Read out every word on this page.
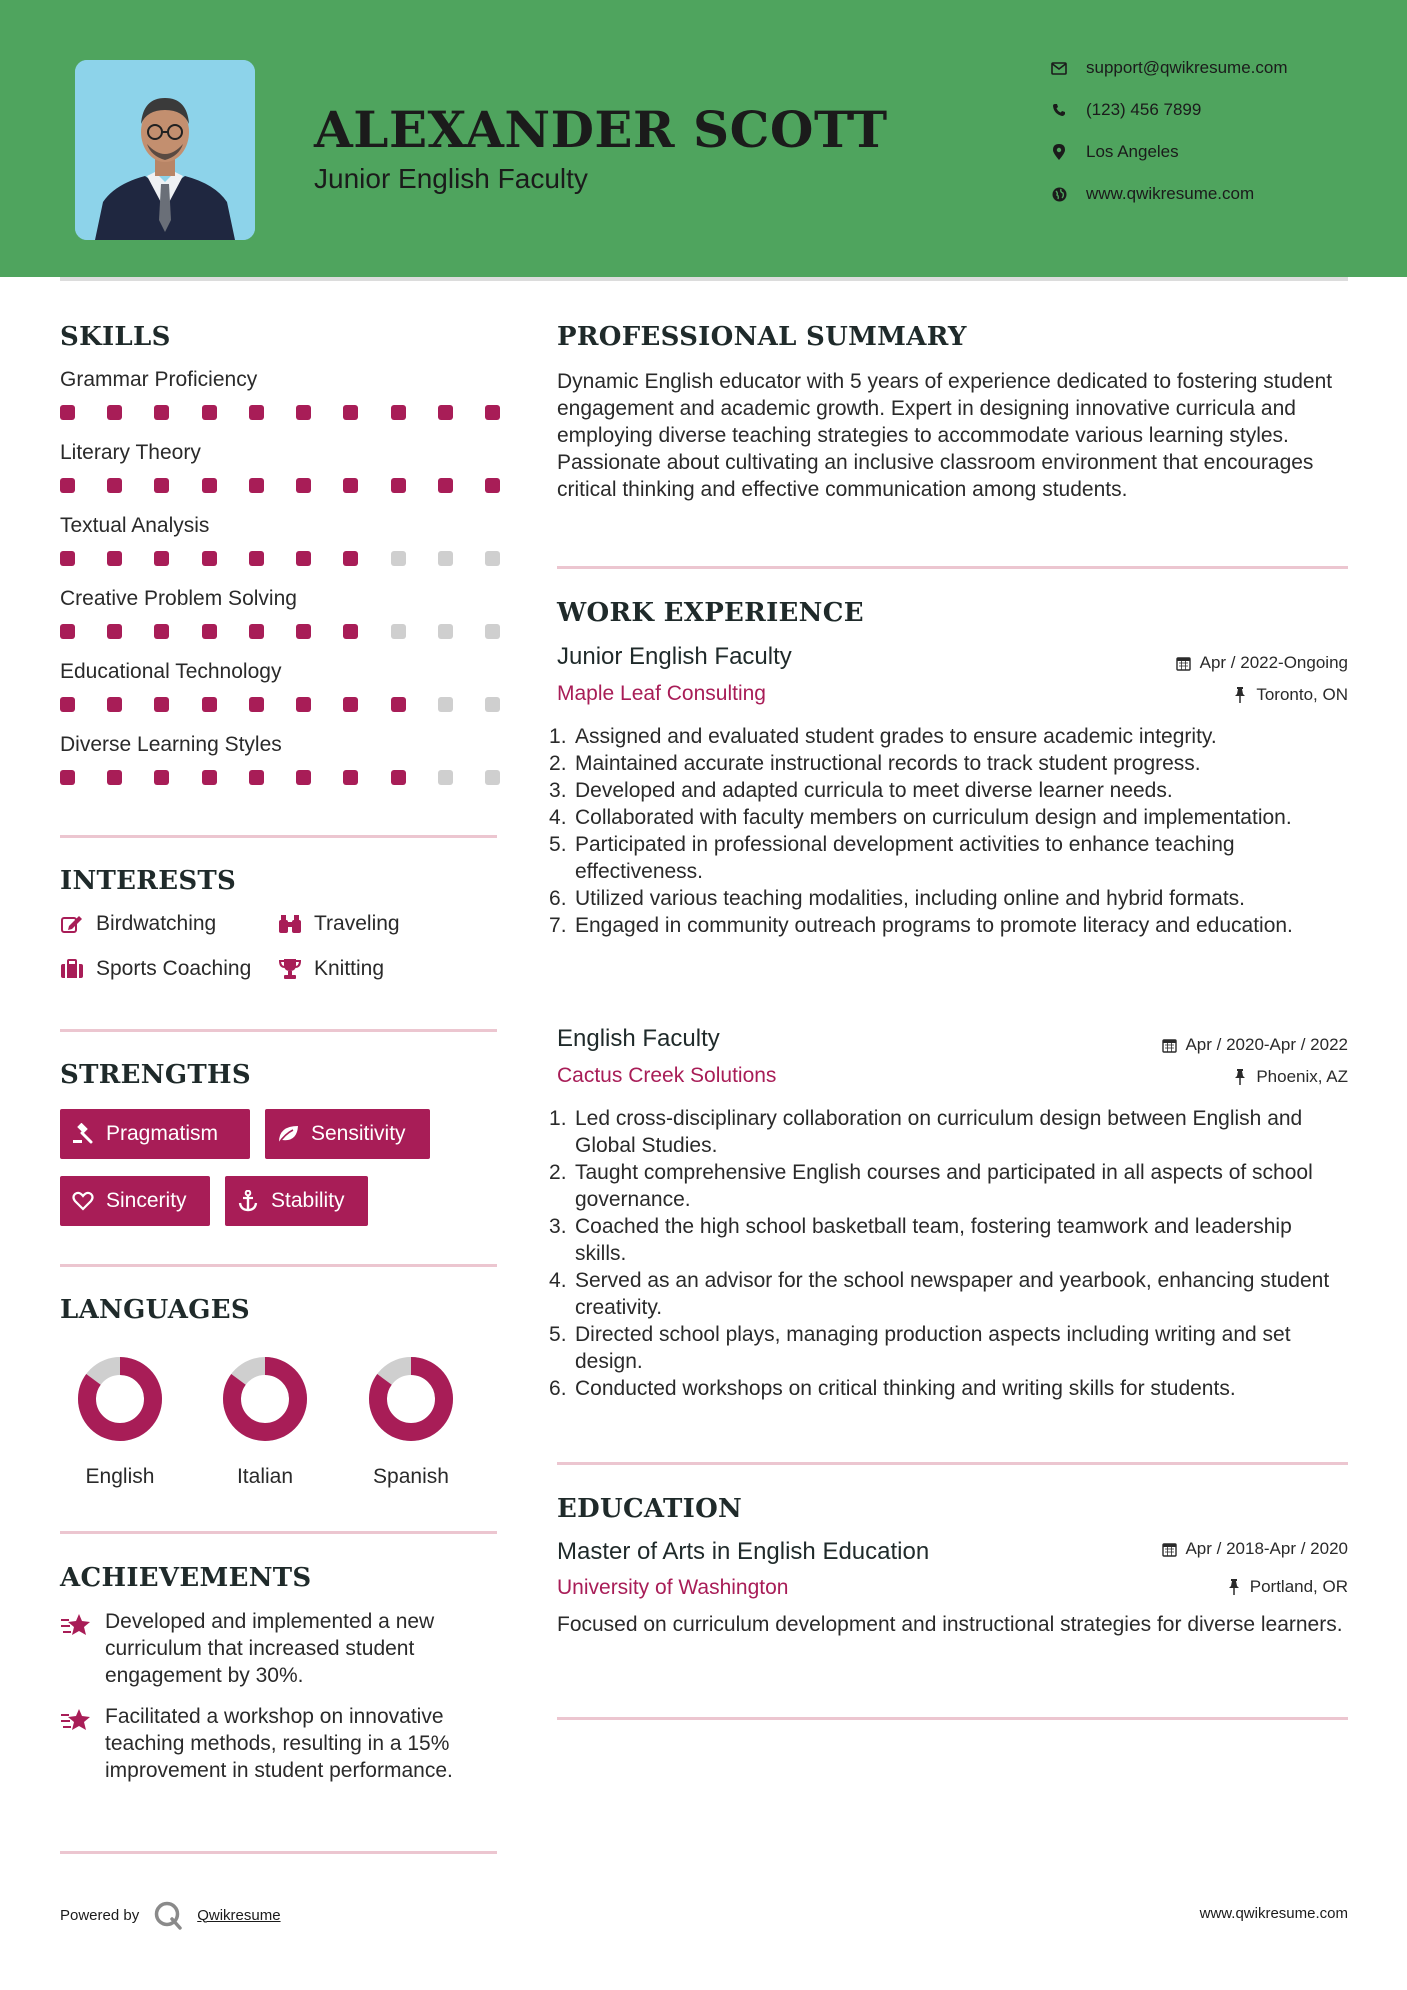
ALEXANDER SCOTT
Junior English Faculty
support@qwikresume.com
(123) 456 7899
Los Angeles
www.qwikresume.com
SKILLS
Grammar Proficiency
Literary Theory
Textual Analysis
Creative Problem Solving
Educational Technology
Diverse Learning Styles
INTERESTS
Birdwatching	Traveling
Sports Coaching	Knitting
STRENGTHS
Pragmatism	Sensitivity
Sincerity	Stability
LANGUAGES
English	Italian	Spanish
ACHIEVEMENTS
Developed and implemented a new curriculum that increased student engagement by 30%.
Facilitated a workshop on innovative teaching methods, resulting in a 15% improvement in student performance.
PROFESSIONAL SUMMARY
Dynamic English educator with 5 years of experience dedicated to fostering student engagement and academic growth. Expert in designing innovative curricula and employing diverse teaching strategies to accommodate various learning styles. Passionate about cultivating an inclusive classroom environment that encourages critical thinking and effective communication among students.
WORK EXPERIENCE
Junior English Faculty	Apr / 2022-Ongoing
Maple Leaf Consulting	Toronto, ON
Assigned and evaluated student grades to ensure academic integrity.
Maintained accurate instructional records to track student progress.
Developed and adapted curricula to meet diverse learner needs.
Collaborated with faculty members on curriculum design and implementation.
Participated in professional development activities to enhance teaching effectiveness.
Utilized various teaching modalities, including online and hybrid formats.
Engaged in community outreach programs to promote literacy and education.
English Faculty	Apr / 2020-Apr / 2022
Cactus Creek Solutions	Phoenix, AZ
Led cross-disciplinary collaboration on curriculum design between English and Global Studies.
Taught comprehensive English courses and participated in all aspects of school governance.
Coached the high school basketball team, fostering teamwork and leadership skills.
Served as an advisor for the school newspaper and yearbook, enhancing student creativity.
Directed school plays, managing production aspects including writing and set design.
Conducted workshops on critical thinking and writing skills for students.
EDUCATION
Master of Arts in English Education	Apr / 2018-Apr / 2020
University of Washington	Portland, OR
Focused on curriculum development and instructional strategies for diverse learners.
Powered by	Qwikresume	www.qwikresume.com
